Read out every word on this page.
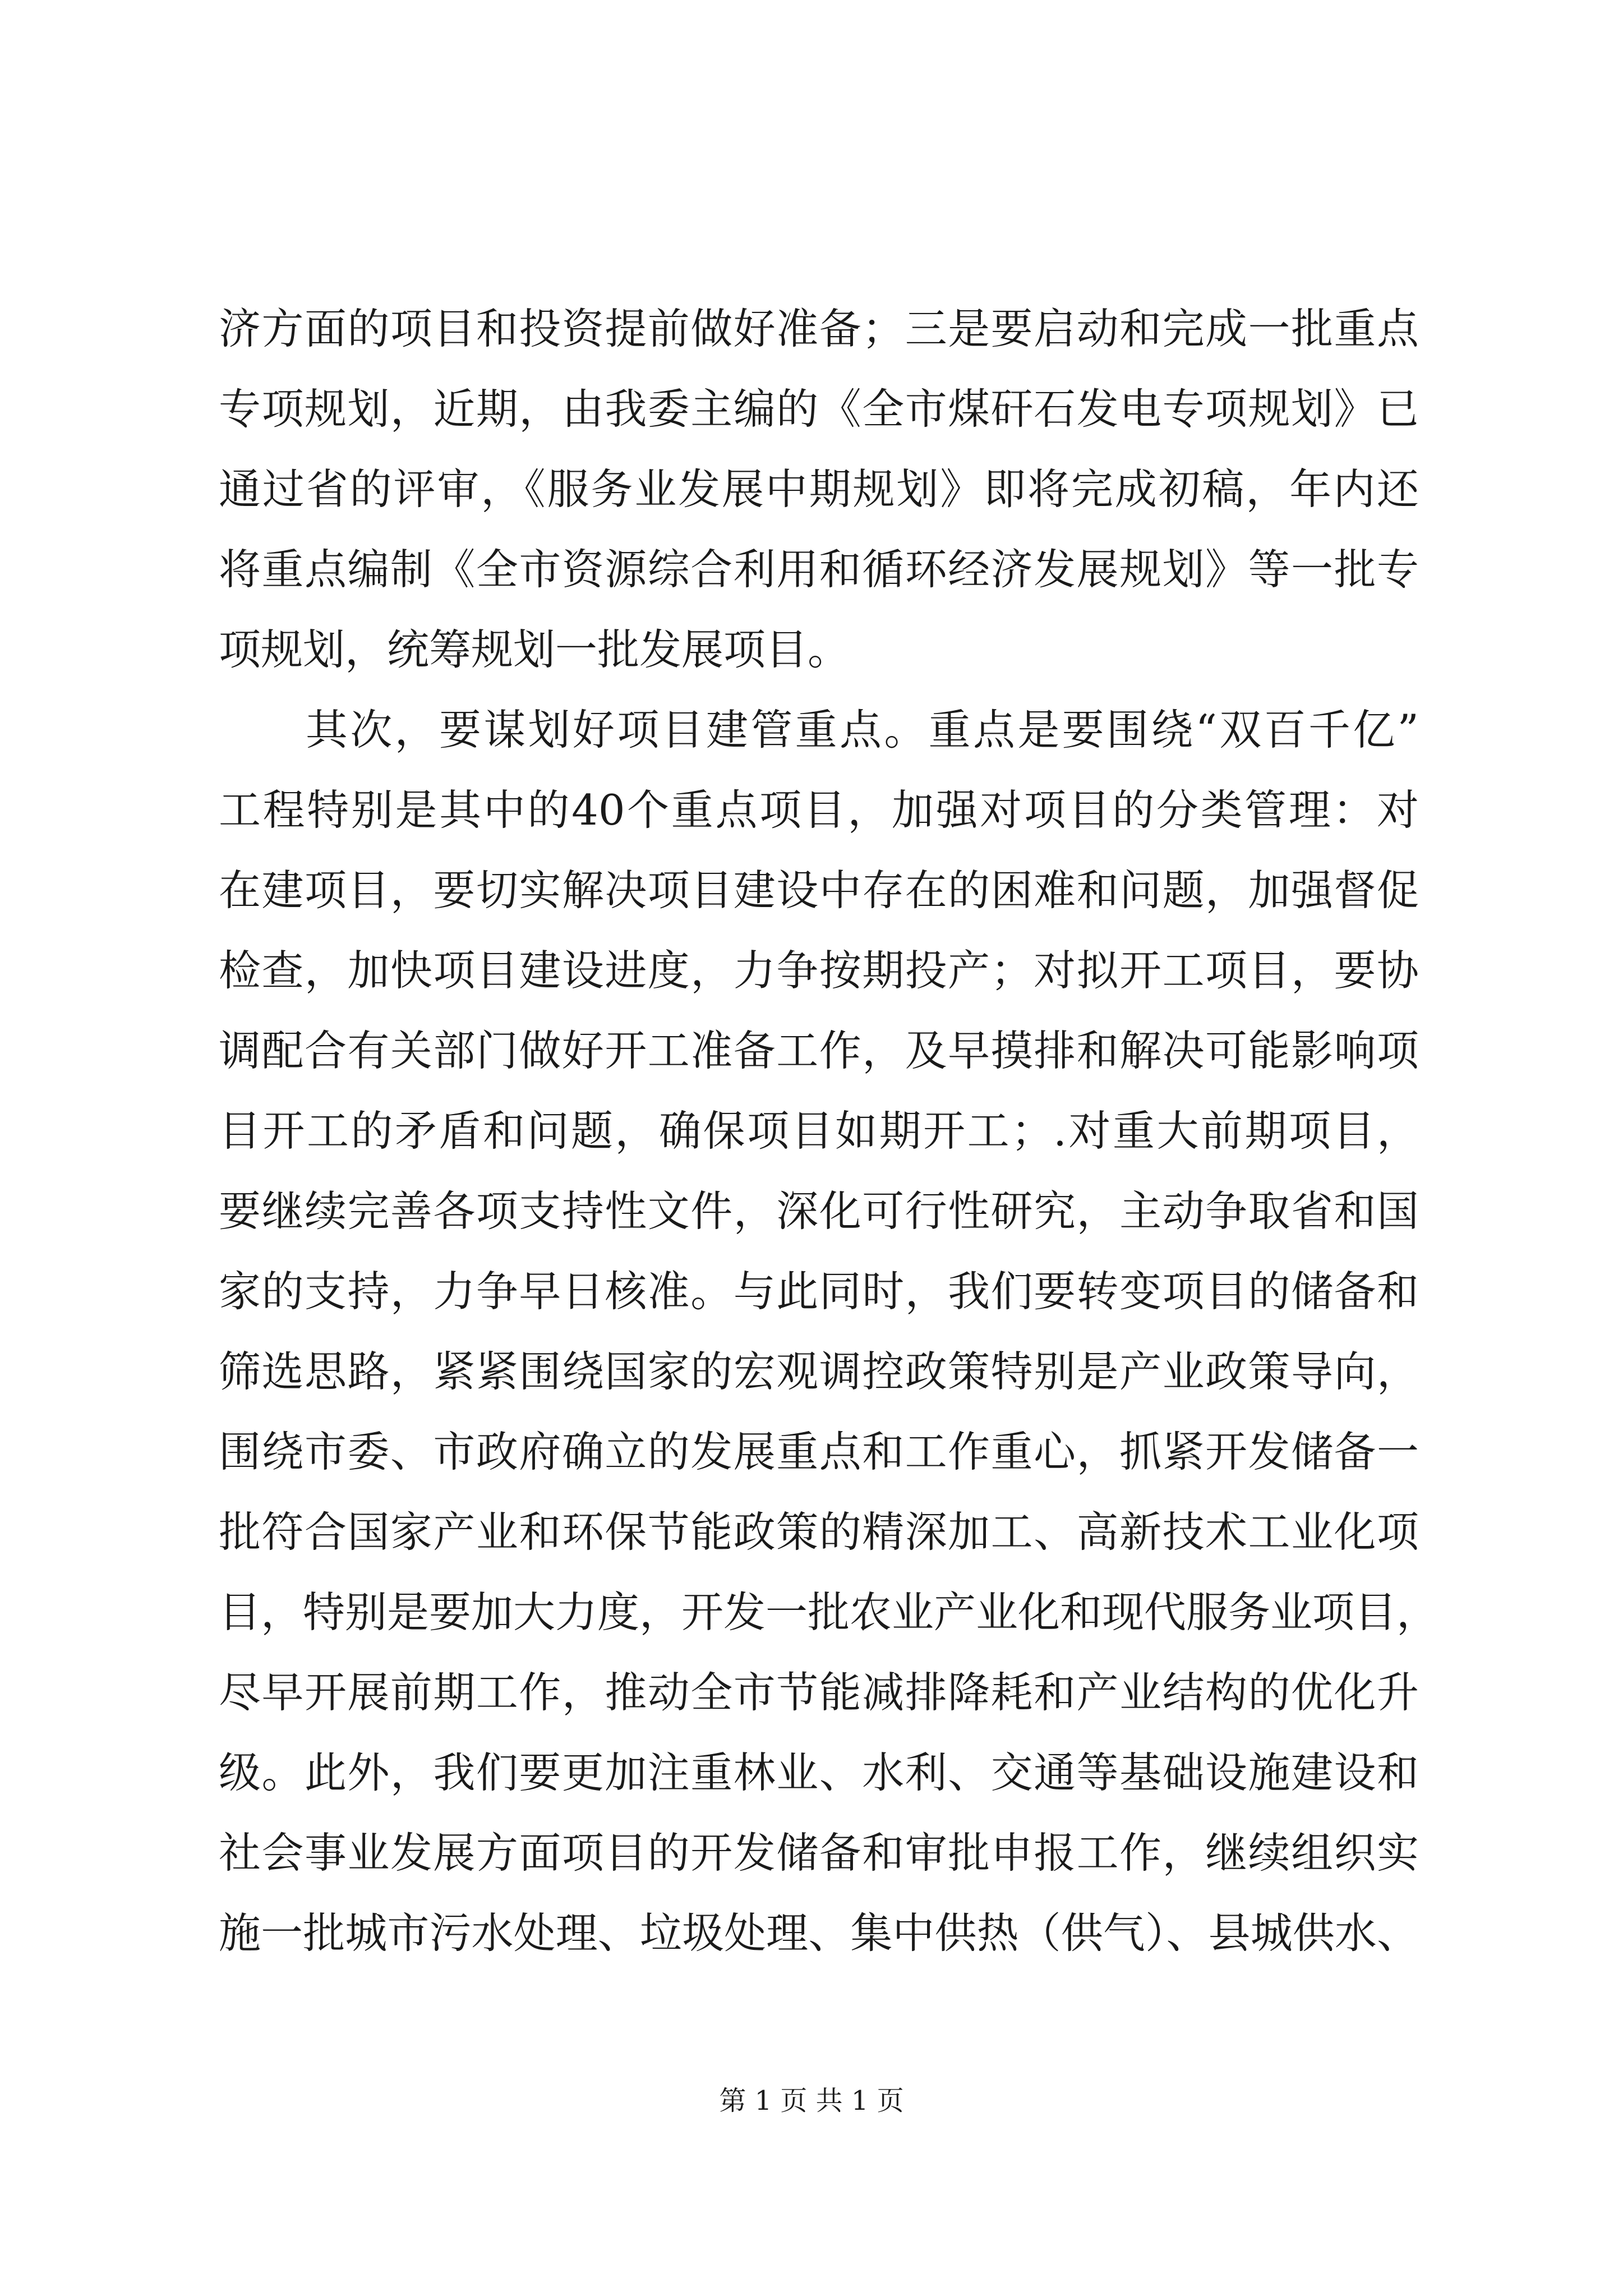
济方面的项目和投资提前做好准备；三是要启动和完成一批重点
专项规划，近期，由我委主编的《全市煤矸石发电专项规划》已
通过省的评审，《服务业发展中期规划》即将完成初稿，年内还
将重点编制《全市资源综合利用和循环经济发展规划》等一批专
项规划，统筹规划一批发展项目。
其次，要谋划好项目建管重点。重点是要围绕“双百千亿”
工程特别是其中的40个重点项目，加强对项目的分类管理：对
在建项目，要切实解决项目建设中存在的困难和问题，加强督促
检查，加快项目建设进度，力争按期投产；对拟开工项目，要协
调配合有关部门做好开工准备工作，及早摸排和解决可能影响项
目开工的矛盾和问题，确保项目如期开工；.对重大前期项目，
要继续完善各项支持性文件，深化可行性研究，主动争取省和国
家的支持，力争早日核准。与此同时，我们要转变项目的储备和
筛选思路，紧紧围绕国家的宏观调控政策特别是产业政策导向，
围绕市委、市政府确立的发展重点和工作重心，抓紧开发储备一
批符合国家产业和环保节能政策的精深加工、高新技术工业化项
目，特别是要加大力度，开发一批农业产业化和现代服务业项目，
尽早开展前期工作，推动全市节能减排降耗和产业结构的优化升
级。此外，我们要更加注重林业、水利、交通等基础设施建设和
社会事业发展方面项目的开发储备和审批申报工作，继续组织实
施一批城市污水处理、垃圾处理、集中供热（供气）、县城供水、
第 1 页 共 1 页
